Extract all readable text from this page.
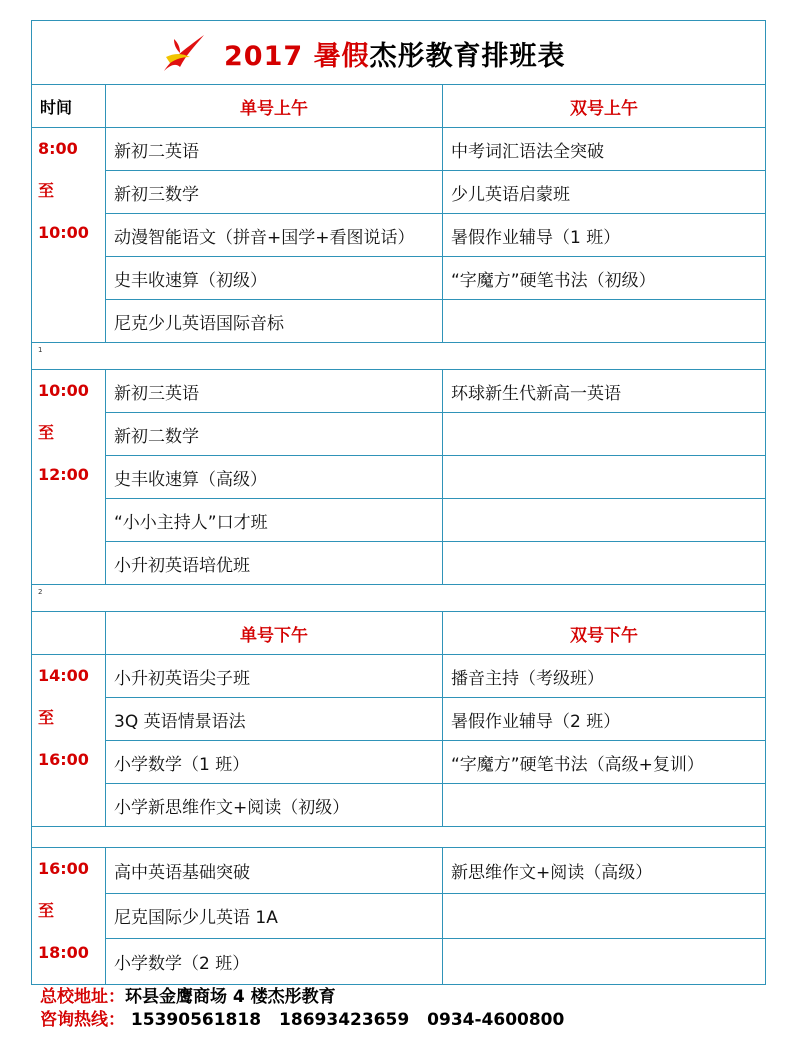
2017 暑假杰彤教育排班表		

时间	单号上午	双号上午

8:00
至
10:00	新初二英语	中考词汇语法全突破
	新初三数学	少儿英语启蒙班
	动漫智能语文（拼音+国学+看图说话）	暑假作业辅导（1 班）
	史丰收速算（初级）	“字魔方”硬笔书法（初级）
	尼克少儿英语国际音标	
1		

10:00
至
12:00	新初三英语	环球新生代新高一英语
	新初二数学	
	史丰收速算（高级）	
	“小小主持人”口才班	
	小升初英语培优班	
2		
	单号下午	双号下午

14:00
至
16:00	小升初英语尖子班	播音主持（考级班）
	3Q 英语情景语法	暑假作业辅导（2 班）
	小学数学（1 班）	“字魔方”硬笔书法（高级+复训）
	小学新思维作文+阅读（初级）	

16:00
至
18:00	高中英语基础突破	新思维作文+阅读（高级）
	尼克国际少儿英语 1A	
	小学数学（2 班）	
总校地址：环县金鹰商场 4 楼杰彤教育
咨询热线： 15390561818 18693423659 0934-4600800
